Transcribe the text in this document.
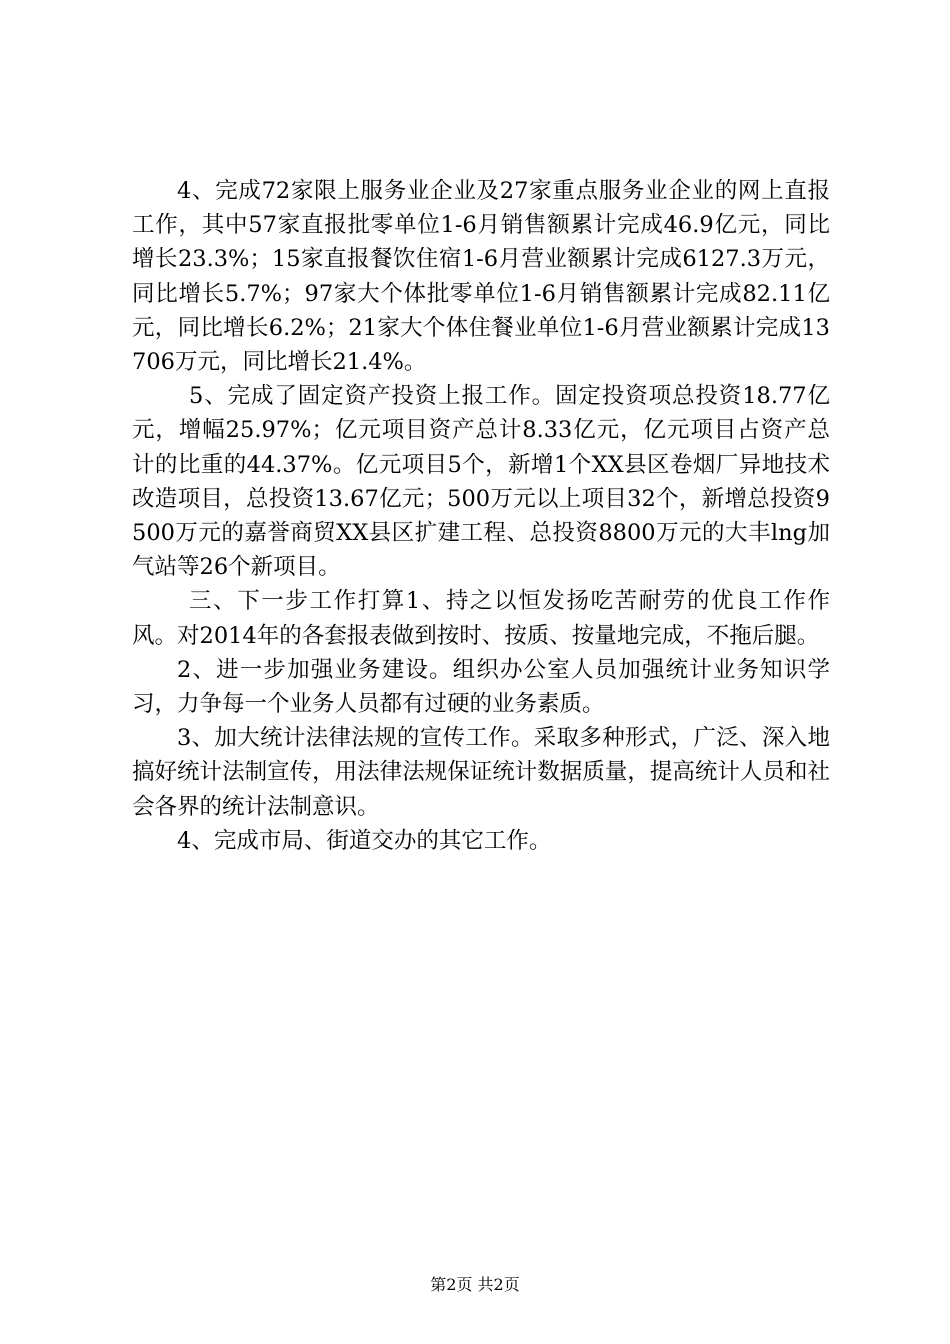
4、完成72家限上服务业企业及27家重点服务业企业的网上直报工作，其中57家直报批零单位1-6月销售额累计完成46.9亿元，同比增长23.3%；15家直报餐饮住宿1-6月营业额累计完成6127.3万元，同比增长5.7%；97家大个体批零单位1-6月销售额累计完成82.11亿元，同比增长6.2%；21家大个体住餐业单位1-6月营业额累计完成13706万元，同比增长21.4%。

5、完成了固定资产投资上报工作。固定投资项总投资18.77亿元，增幅25.97%；亿元项目资产总计8.33亿元，亿元项目占资产总计的比重的44.37%。亿元项目5个，新增1个XX县区卷烟厂异地技术改造项目，总投资13.67亿元；500万元以上项目32个，新增总投资9500万元的嘉誉商贸XX县区扩建工程、总投资8800万元的大丰lng加气站等26个新项目。

三、下一步工作打算1、持之以恒发扬吃苦耐劳的优良工作作风。对2014年的各套报表做到按时、按质、按量地完成，不拖后腿。

2、进一步加强业务建设。组织办公室人员加强统计业务知识学习，力争每一个业务人员都有过硬的业务素质。

3、加大统计法律法规的宣传工作。采取多种形式，广泛、深入地搞好统计法制宣传，用法律法规保证统计数据质量，提高统计人员和社会各界的统计法制意识。

4、完成市局、街道交办的其它工作。

第2页 共2页
